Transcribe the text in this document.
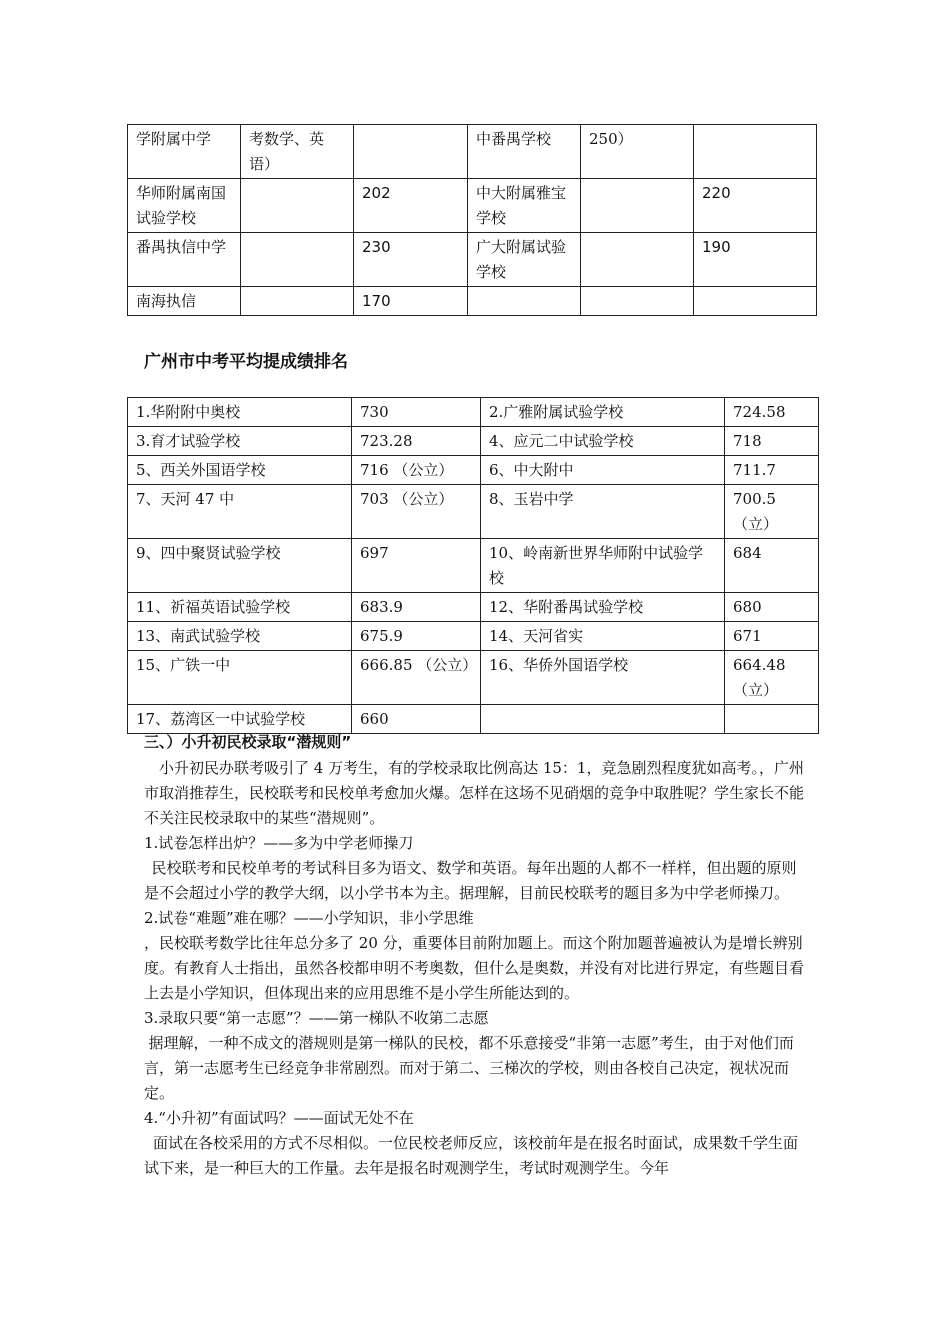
学附属中学	考数学、英语）		中番禺学校	250）	
华师附属南国试验学校		202	中大附属雅宝学校		220
番禺执信中学		230	广大附属试验学校		190
南海执信		170			
广州市中考平均提成绩排名
1.华附附中奥校	730	2.广雅附属试验学校	724.58
3.育才试验学校	723.28	4、应元二中试验学校	718
5、西关外国语学校	716 （公立）	6、中大附中	711.7
7、天河 47 中	703 （公立）	8、玉岩中学	700.5 （立）
9、四中聚贤试验学校	697	10、岭南新世界华师附中试验学校	684
11、祈福英语试验学校	683.9	12、华附番禺试验学校	680
13、南武试验学校	675.9	14、天河省实	671
15、广铁一中	666.85 （公立）	16、华侨外国语学校	664.48 （立）
17、荔湾区一中试验学校	660		

三、）小升初民校录取“潜规则”

小升初民办联考吸引了 4 万考生，有的学校录取比例高达 15：1，竞急剧烈程度犹如高考。，广州市取消推荐生，民校联考和民校单考愈加火爆。怎样在这场不见硝烟的竞争中取胜呢？学生家长不能不关注民校录取中的某些“潜规则”。

1.试卷怎样出炉？——多为中学老师操刀

民校联考和民校单考的考试科目多为语文、数学和英语。每年出题的人都不一样样，但出题的原则是不会超过小学的教学大纲，以小学书本为主。据理解，目前民校联考的题目多为中学老师操刀。

2.试卷“难题”难在哪？——小学知识，非小学思维

，民校联考数学比往年总分多了 20 分，重要体目前附加题上。而这个附加题普遍被认为是增长辨别度。有教育人士指出，虽然各校都申明不考奥数，但什么是奥数，并没有对比进行界定，有些题目看上去是小学知识，但体现出来的应用思维不是小学生所能达到的。

3.录取只要“第一志愿”？——第一梯队不收第二志愿

据理解，一种不成文的潜规则是第一梯队的民校，都不乐意接受“非第一志愿”考生，由于对他们而言，第一志愿考生已经竞争非常剧烈。而对于第二、三梯次的学校，则由各校自己决定，视状况而定。

4.“小升初”有面试吗？——面试无处不在

面试在各校采用的方式不尽相似。一位民校老师反应，该校前年是在报名时面试，成果数千学生面试下来，是一种巨大的工作量。去年是报名时观测学生，考试时观测学生。今年
